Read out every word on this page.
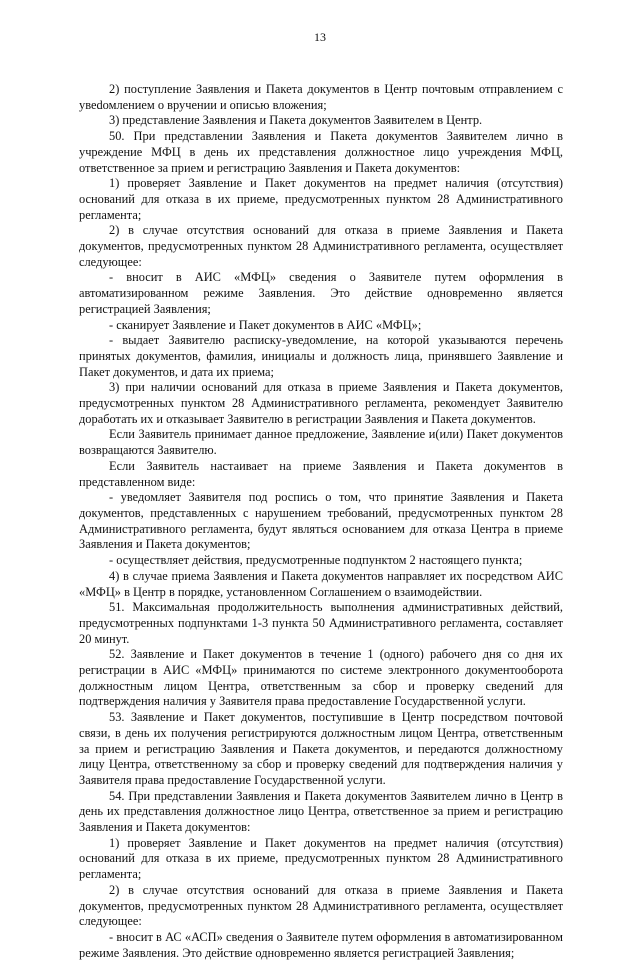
13

2) поступление Заявления и Пакета документов в Центр почтовым отправлением с увеdомлением о вручении и описью вложения;

3) представление Заявления и Пакета документов Заявителем в Центр.

50. При представлении Заявления и Пакета документов Заявителем лично в учреждение МФЦ в день их представления должностное лицо учреждения МФЦ, ответственное за прием и регистрацию Заявления и Пакета документов:

1) проверяет Заявление и Пакет документов на предмет наличия (отсутствия) оснований для отказа в их приеме, предусмотренных пунктом 28 Административного регламента;

2) в случае отсутствия оснований для отказа в приеме Заявления и Пакета документов, предусмотренных пунктом 28 Административного регламента, осуществляет следующее:

- вносит в АИС «МФЦ» сведения о Заявителе путем оформления в автоматизированном режиме Заявления. Это действие одновременно является регистрацией Заявления;

- сканирует Заявление и Пакет документов в АИС «МФЦ»;

- выдает Заявителю расписку-уведомление, на которой указываются перечень принятых документов, фамилия, инициалы и должность лица, принявшего Заявление и Пакет документов, и дата их приема;

3) при наличии оснований для отказа в приеме Заявления и Пакета документов, предусмотренных пунктом 28 Административного регламента, рекомендует Заявителю доработать их и отказывает Заявителю в регистрации Заявления и Пакета документов.

Если Заявитель принимает данное предложение, Заявление и(или) Пакет документов возвращаются Заявителю.

Если Заявитель настаивает на приеме Заявления и Пакета документов в представленном виде:

- уведомляет Заявителя под роспись о том, что принятие Заявления и Пакета документов, представленных с нарушением требований, предусмотренных пунктом 28 Административного регламента, будут являться основанием для отказа Центра в приеме Заявления и Пакета документов;

- осуществляет действия, предусмотренные подпунктом 2 настоящего пункта;

4) в случае приема Заявления и Пакета документов направляет их посредством АИС «МФЦ» в Центр в порядке, установленном Соглашением о взаимодействии.

51. Максимальная продолжительность выполнения административных действий, предусмотренных подпунктами 1-3 пункта 50 Административного регламента, составляет 20 минут.

52. Заявление и Пакет документов в течение 1 (одного) рабочего дня со дня их регистрации в АИС «МФЦ» принимаются по системе электронного документооборота должностным лицом Центра, ответственным за сбор и проверку сведений для подтверждения наличия у Заявителя права предоставление Государственной услуги.

53. Заявление и Пакет документов, поступившие в Центр посредством почтовой связи, в день их получения регистрируются должностным лицом Центра, ответственным за прием и регистрацию Заявления и Пакета документов, и передаются должностному лицу Центра, ответственному за сбор и проверку сведений для подтверждения наличия у Заявителя права предоставление Государственной услуги.

54. При представлении Заявления и Пакета документов Заявителем лично в Центр в день их представления должностное лицо Центра, ответственное за прием и регистрацию Заявления и Пакета документов:

1) проверяет Заявление и Пакет документов на предмет наличия (отсутствия) оснований для отказа в их приеме, предусмотренных пунктом 28 Административного регламента;

2) в случае отсутствия оснований для отказа в приеме Заявления и Пакета документов, предусмотренных пунктом 28 Административного регламента, осуществляет следующее:

- вносит в АС «АСП» сведения о Заявителе путем оформления в автоматизированном режиме Заявления. Это действие одновременно является регистрацией Заявления;
